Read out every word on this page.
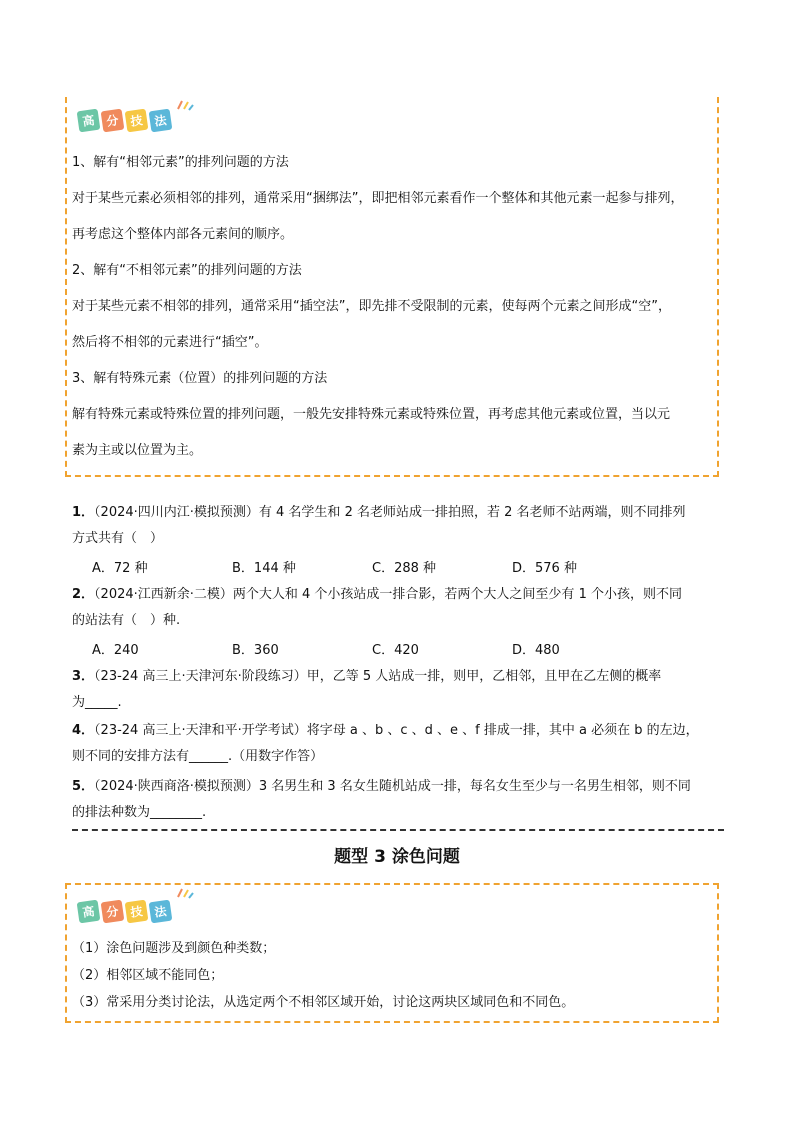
高 分 技 法
1、解有“相邻元素”的排列问题的方法
对于某些元素必须相邻的排列，通常采用“捆绑法”，即把相邻元素看作一个整体和其他元素一起参与排列，
再考虑这个整体内部各元素间的顺序。
2、解有“不相邻元素”的排列问题的方法
对于某些元素不相邻的排列，通常采用“插空法”，即先排不受限制的元素，使每两个元素之间形成“空”，
然后将不相邻的元素进行“插空”。
3、解有特殊元素（位置）的排列问题的方法
解有特殊元素或特殊位置的排列问题，一般先安排特殊元素或特殊位置，再考虑其他元素或位置，当以元
素为主或以位置为主。
1．（2024·四川内江·模拟预测）有 4 名学生和 2 名老师站成一排拍照，若 2 名老师不站两端，则不同排列
方式共有（　）
A．72 种	B．144 种	C．288 种	D．576 种
2．（2024·江西新余·二模）两个大人和 4 个小孩站成一排合影，若两个大人之间至少有 1 个小孩，则不同
的站法有（　）种.
A．240	B．360	C．420	D．480
3．（23-24 高三上·天津河东·阶段练习）甲，乙等 5 人站成一排，则甲，乙相邻，且甲在乙左侧的概率
为_____.
4．（23-24 高三上·天津和平·开学考试）将字母 a 、b 、c 、d 、e 、f 排成一排，其中 a 必须在 b 的左边，
则不同的安排方法有______.（用数字作答）
5．（2024·陕西商洛·模拟预测）3 名男生和 3 名女生随机站成一排，每名女生至少与一名男生相邻，则不同
的排法种数为________.
题型 3 涂色问题
高 分 技 法
（1）涂色问题涉及到颜色种类数；
（2）相邻区域不能同色；
（3）常采用分类讨论法，从选定两个不相邻区域开始，讨论这两块区域同色和不同色。
